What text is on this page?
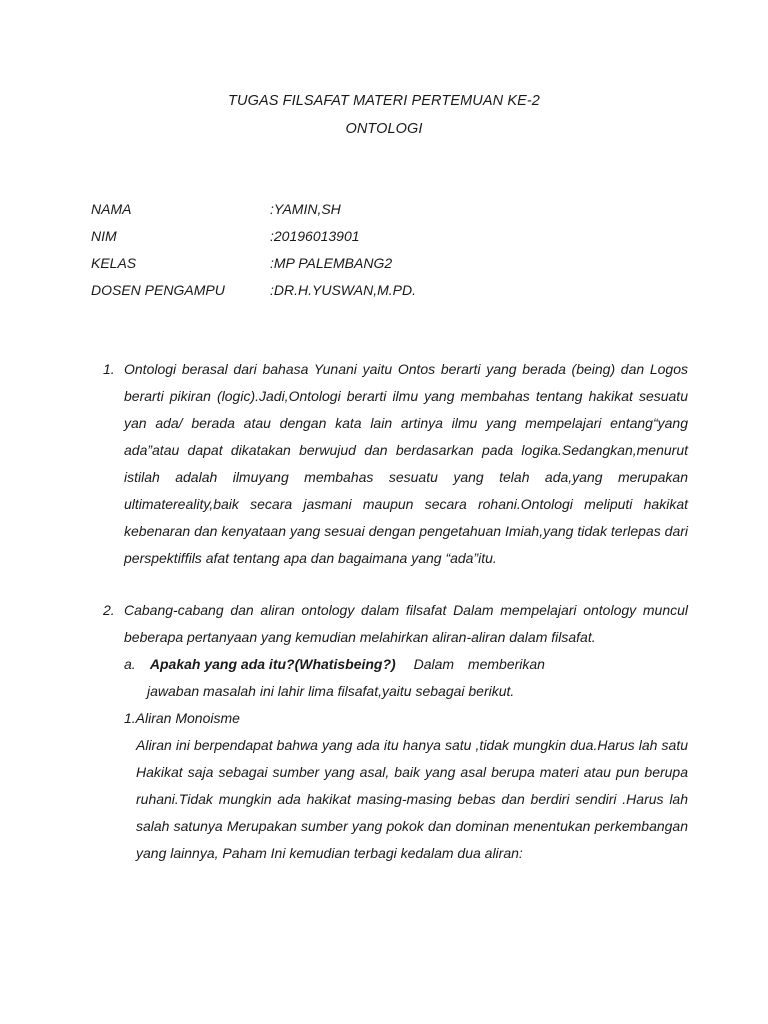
TUGAS FILSAFAT MATERI PERTEMUAN KE-2
ONTOLOGI
NAMA	:YAMIN,SH
NIM	:20196013901
KELAS	:MP PALEMBANG2
DOSEN PENGAMPU	:DR.H.YUSWAN,M.PD.
1. Ontologi berasal dari bahasa Yunani yaitu Ontos berarti yang berada (being) dan Logos berarti pikiran (logic).Jadi,Ontologi berarti ilmu yang membahas tentang hakikat sesuatu yan ada/ berada atau dengan kata lain artinya ilmu yang mempelajari entang“yang ada”atau dapat dikatakan berwujud dan berdasarkan pada logika.Sedangkan,menurut istilah adalah ilmuyang membahas sesuatu yang telah ada,yang merupakan ultimatereality,baik secara jasmani maupun secara rohani.Ontologi meliputi hakikat kebenaran dan kenyataan yang sesuai dengan pengetahuan Imiah,yang tidak terlepas dari perspektiffils afat tentang apa dan bagaimana yang “ada”itu.
2. Cabang-cabang dan aliran ontology dalam filsafat Dalam mempelajari ontology muncul beberapa pertanyaan yang kemudian melahirkan aliran-aliran dalam filsafat.
a. Apakah yang ada itu?(Whatisbeing?) Dalam memberikan
jawaban masalah ini lahir lima filsafat,yaitu sebagai berikut.
1.Aliran Monoisme
Aliran ini berpendapat bahwa yang ada itu hanya satu ,tidak mungkin dua.Harus lah satu Hakikat saja sebagai sumber yang asal, baik yang asal berupa materi atau pun berupa ruhani.Tidak mungkin ada hakikat masing-masing bebas dan berdiri sendiri .Harus lah salah satunya Merupakan sumber yang pokok dan dominan menentukan perkembangan yang lainnya, Paham Ini kemudian terbagi kedalam dua aliran:
